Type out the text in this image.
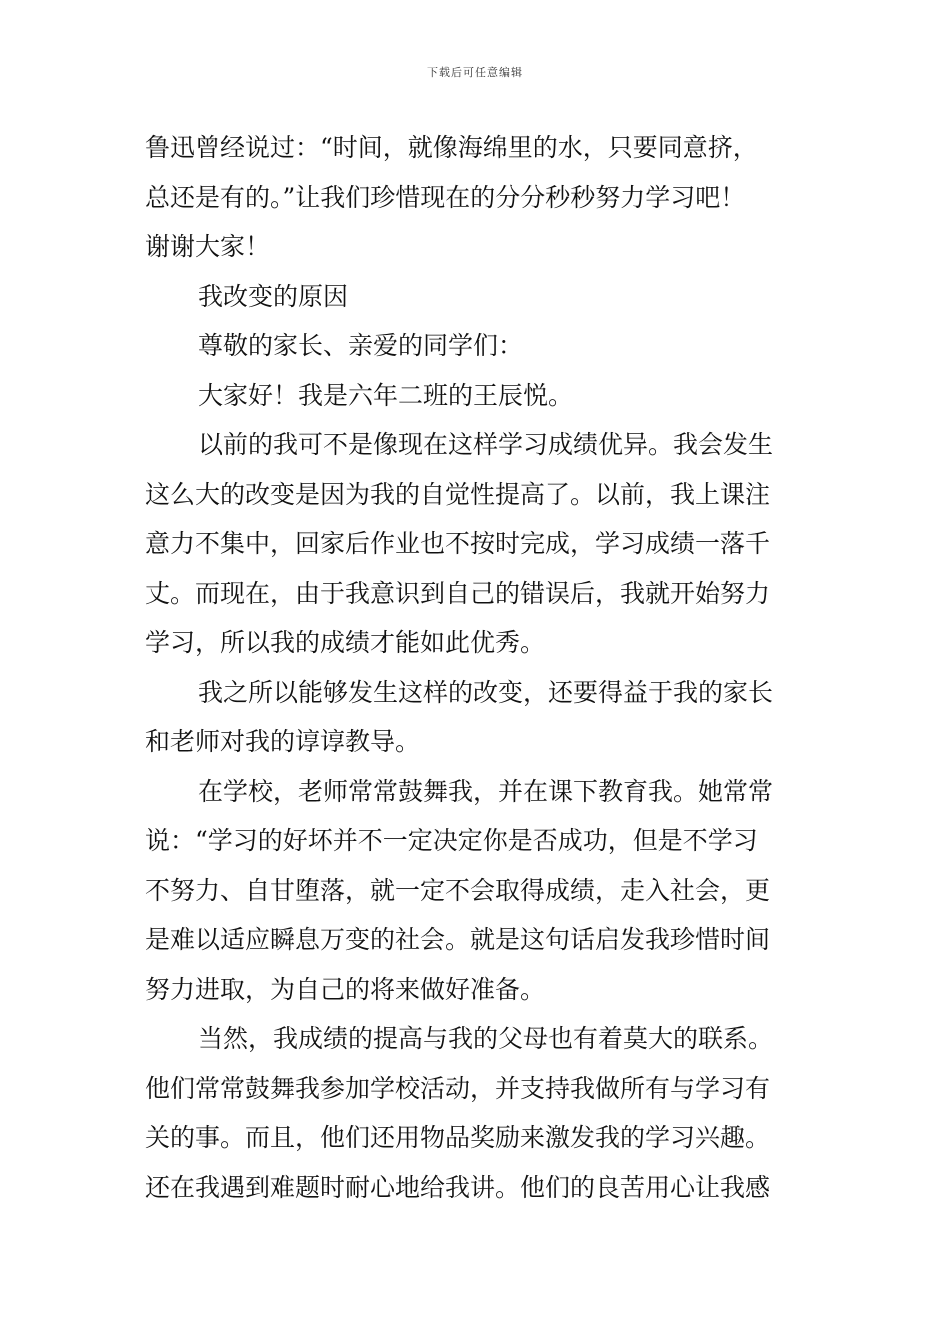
下载后可任意编辑
鲁迅曾经说过：“时间，就像海绵里的水，只要同意挤，
总还是有的。”让我们珍惜现在的分分秒秒努力学习吧！
谢谢大家！
我改变的原因
尊敬的家长、亲爱的同学们：
大家好！我是六年二班的王辰悦。
以前的我可不是像现在这样学习成绩优异。我会发生
这么大的改变是因为我的自觉性提高了。以前，我上课注
意力不集中，回家后作业也不按时完成，学习成绩一落千
丈。而现在，由于我意识到自己的错误后，我就开始努力
学习，所以我的成绩才能如此优秀。
我之所以能够发生这样的改变，还要得益于我的家长
和老师对我的谆谆教导。
在学校，老师常常鼓舞我，并在课下教育我。她常常
说：“学习的好坏并不一定决定你是否成功，但是不学习
不努力、自甘堕落，就一定不会取得成绩，走入社会，更
是难以适应瞬息万变的社会。就是这句话启发我珍惜时间
努力进取，为自己的将来做好准备。
当然，我成绩的提高与我的父母也有着莫大的联系。
他们常常鼓舞我参加学校活动，并支持我做所有与学习有
关的事。而且，他们还用物品奖励来激发我的学习兴趣。
还在我遇到难题时耐心地给我讲。他们的良苦用心让我感
